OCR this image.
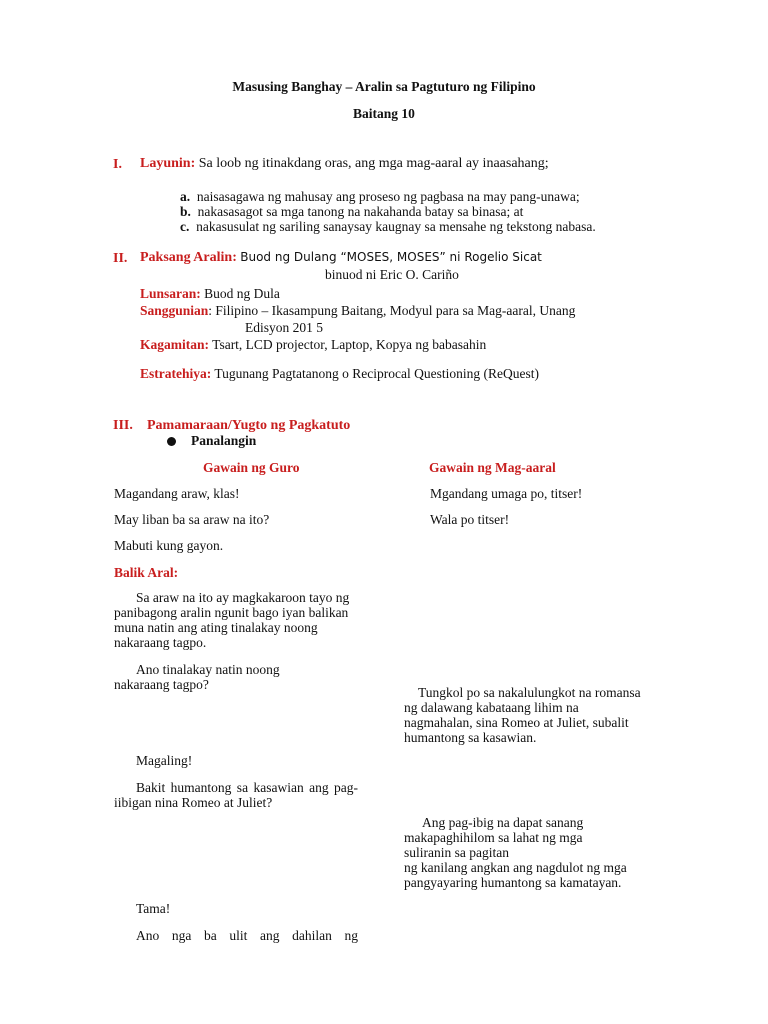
Masusing Banghay – Aralin sa Pagtuturo ng Filipino
Baitang 10
I. Layunin: Sa loob ng itinakdang oras, ang mga mag-aaral ay inaasahang;
a. naisasagawa ng mahusay ang proseso ng pagbasa na may pang-unawa;
b. nakasasagot sa mga tanong na nakahanda batay sa binasa; at
c. nakasusulat ng sariling sanaysay kaugnay sa mensahe ng tekstong nabasa.
II. Paksang Aralin: Buod ng Dulang “MOSES, MOSES” ni Rogelio Sicat
binuod ni Eric O. Cariño
Lunsaran: Buod ng Dula
Sanggunian: Filipino – Ikasampung Baitang, Modyul para sa Mag-aaral, Unang
Edisyon 201 5
Kagamitan: Tsart, LCD projector, Laptop, Kopya ng babasahin
Estratehiya: Tugunang Pagtatanong o Reciprocal Questioning (ReQuest)
III. Pamamaraan/Yugto ng Pagkatuto
Panalangin
Gawain ng Guro	Gawain ng Mag-aaral
Magandang araw, klas!
May liban ba sa araw na ito?
Mabuti kung gayon.
Balik Aral:
Sa araw na ito ay magkakaroon tayo ng panibagong aralin ngunit bago iyan balikan muna natin ang ating tinalakay noong nakaraang tagpo.
Ano tinalakay natin noong nakaraang tagpo?
Magaling!
Bakit humantong sa kasawian ang pag-iibigan nina Romeo at Juliet?
Tama!
Ano nga ba ulit ang dahilan ng
Mgandang umaga po, titser!
Wala po titser!
Tungkol po sa nakalulungkot na romansa ng dalawang kabataang lihim na nagmahalan, sina Romeo at Juliet, subalit humantong sa kasawian.
Ang pag-ibig na dapat sanang makapaghihilom sa lahat ng mga suliranin sa pagitan
ng kanilang angkan ang nagdulot ng mga pangyayaring humantong sa kamatayan.
